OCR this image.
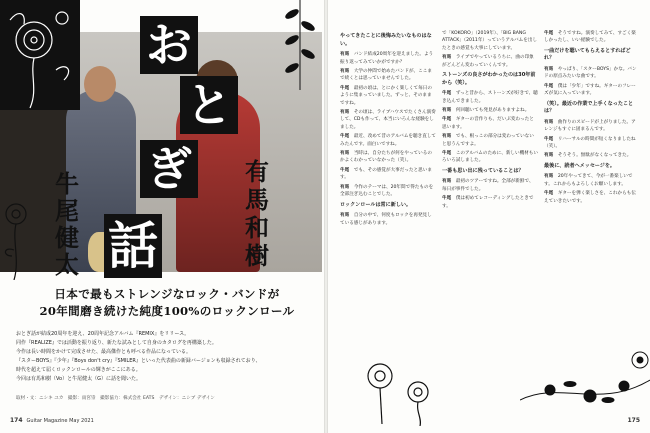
お
と
ぎ
話
牛尾健太
有馬和樹
日本で最もストレンジなロック・バンドが
20年間磨き続けた純度100%のロックンロール

おとぎ話が結成20周年を迎え、20周年記念アルバム『REMIX』をリリース。

同作『REALIZE』では活動を振り返り、新たな試みとして自身のカタログを再構築した。

今作は長い時間をかけて完成させた、最高傑作とも呼べる作品になっている。

『スターBOYS』『少年』『Boys don't cry』『SMILER』といった代表曲の新録バージョンも収録されており、

時代を超えて届くロックンロールの輝きがここにある。

今回は有馬和樹（Vo）と牛尾健太（G）に話を聞いた。

取材・文：ニシキ ユカ　撮影：雨宮崇　撮影協力：株式会社 EATS　デザイン：ニシブ デザイン
174 Guitar Magazine May 2021

やってきたことに後悔みたいなものはない。

有馬　 バンド結成20周年を迎えました。よう振り返ってみていかがですか？

有馬　 大学の仲間で始めたバンドが、ここまで続くとは思っていませんでした。

牛尾　 最初の頃は、とにかく楽しくて毎日のように集まっていました。ずっと、そのままですね。

有馬　 その頃は、ライブハウスでたくさん演奏して、CDも作って、本当にいろんな経験をしました。

牛尾　 最近、改めて昔のアルバムを聴き直してみたんです。面白いですね。

有馬　 当時は、自分たちが何をやっているのかよくわかっていなかった（笑）。

牛尾　 でも、その感覚が大事だったと思います。

有馬　 今作のテーマは、20年間で得たものを全部注ぎ込むことでした。

ロックンロールは常に新しい。

有馬　 自分の中で、何度もロックを再発見している感じがあります。

で「KOKORO」（2019年）、「BIG BANG ATTACK」（2011年）っていうアルバムを出したときの感覚も大事にしています。

有馬　 ライブでやっているうちに、曲の印象がどんどん変わっていくんです。

ストーンズの良さがわかったのは30年前から（笑）。

牛尾　 ずっと昔から、ストーンズが好きで、聴き込んできました。

有馬　 何回聴いても発見がありますよね。

牛尾　 ギターの音作りも、だいぶ変わったと思います。

有馬　 でも、根っこの部分は変わっていないと思うんですよ。

牛尾　 このアルバムのために、新しい機材もいろいろ試しました。

一番も思い出に残っていることは？

有馬　 最初のツアーですね。全部が新鮮で、毎日が事件でした。

牛尾　 僕は初めてレコーディングしたときです。

牛尾　 そうですね。演奏してみて、すごく楽しかったし、いい経験でした。

一曲だけを聴いてもらえるとすればどれ？

有馬　 やっぱり、「スターBOYS」かな。バンドの原点みたいな曲です。

牛尾　 僕は「少年」ですね。ギターのフレーズが気に入っています。

（笑）。最近の作業で上手くなったことは？

有馬　 曲作りのスピードが上がりました。アレンジもすぐに固まるんです。

牛尾　 リハーサルの時間が短くなりましたね（笑）。

有馬　 そうそう。無駄がなくなってきた。

最後に、読者へメッセージを。

有馬　 20年やってきて、今が一番楽しいです。これからもよろしくお願いします。

牛尾　 ギターを弾く楽しさを、これからも伝えていきたいです。

175
